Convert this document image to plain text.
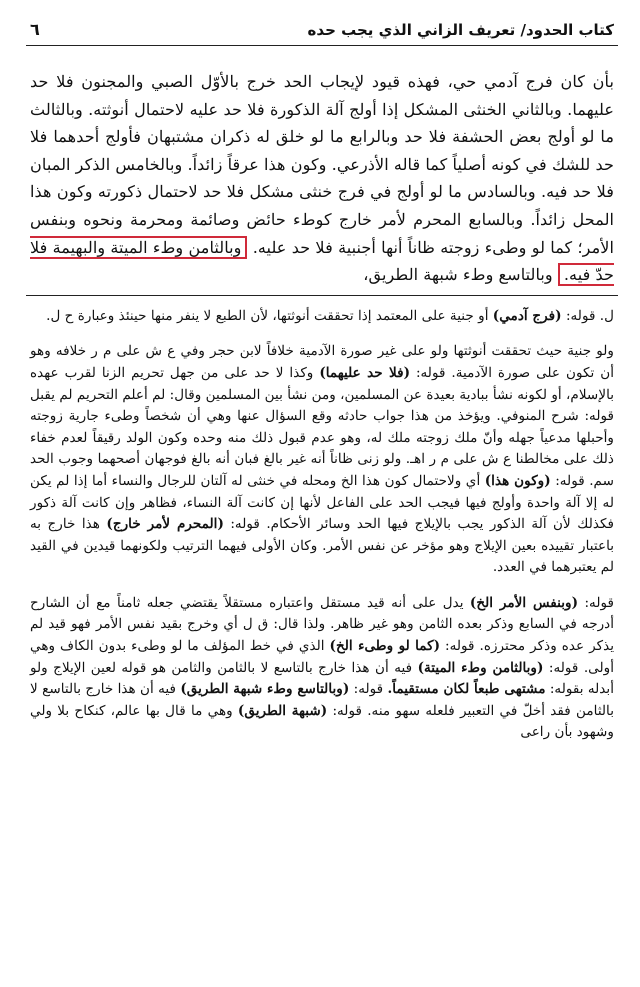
كتاب الحدود/ تعريف الزاني الذي يجب حده
٦

بأن كان فرج آدمي حي، فهذه قيود لإيجاب الحد خرج بالأوّل الصبي والمجنون فلا حد عليهما. وبالثاني الخنثى المشكل إذا أولج آلة الذكورة فلا حد عليه لاحتمال أنوثته. وبالثالث ما لو أولج بعض الحشفة فلا حد وبالرابع ما لو خلق له ذكران مشتبهان فأولج أحدهما فلا حد للشك في كونه أصلياً كما قاله الأذرعي. وكون هذا عرقاً زائداً. وبالخامس الذكر المبان فلا حد فيه. وبالسادس ما لو أولج في فرج خنثى مشكل فلا حد لاحتمال ذكورته وكون هذا المحل زائداً. وبالسابع المحرم لأمر خارج كوطء حائض وصائمة ومحرمة ونحوه وبنفس الأمر؛ كما لو وطىء زوجته ظاناً أنها أجنبية فلا حد عليه. وبالثامن وطء الميتة والبهيمة فلا حدّ فيه. وبالتاسع وطء شبهة الطريق،

ل. قوله: (فرج آدمي) أو جنية على المعتمد إذا تحققت أنوثتها، لأن الطبع لا ينفر منها حينئذ وعبارة ح ل.

ولو جنية حيث تحققت أنوثتها ولو على غير صورة الآدمية خلافاً لابن حجر وفي ع ش على م ر خلافه وهو أن تكون على صورة الآدمية. قوله: (فلا حد عليهما) وكذا لا حد على من جهل تحريم الزنا لقرب عهده بالإسلام، أو لكونه نشأ ببادية بعيدة عن المسلمين، ومن نشأ بين المسلمين وقال: لم أعلم التحريم لم يقبل قوله: شرح المنوفي. ويؤخذ من هذا جواب حادثه وقع السؤال عنها وهي أن شخصاً وطىء جارية زوجته وأحبلها مدعياً جهله وأنّ ملك زوجته ملك له، وهو عدم قبول ذلك منه وحده وكون الولد رقيقاً لعدم خفاء ذلك على مخالطنا ع ش على م ر اهـ. ولو زنى ظاناً أنه غير بالغ فبان أنه بالغ فوجهان أصحهما وجوب الحد سم. قوله: (وكون هذا) أي ولاحتمال كون هذا الخ ومحله في خنثى له آلتان للرجال والنساء أما إذا لم يكن له إلا آلة واحدة وأولج فيها فيجب الحد على الفاعل لأنها إن كانت آلة النساء، فظاهر وإن كانت آلة ذكور فكذلك لأن آلة الذكور يجب بالإيلاج فيها الحد وسائر الأحكام. قوله: (المحرم لأمر خارج) هذا خارج به باعتبار تقييده بعين الإيلاج وهو مؤخر عن نفس الأمر. وكان الأولى فيهما الترتيب ولكونهما قيدين في القيد لم يعتبرهما في العدد.

قوله: (وبنفس الأمر الخ) يدل على أنه قيد مستقل واعتباره مستقلاً يقتضي جعله ثامناً مع أن الشارح أدرجه في السابع وذكر بعده الثامن وهو غير ظاهر. ولذا قال: ق ل أي وخرج بقيد نفس الأمر فهو قيد لم يذكر عده وذكر محترزه. قوله: (كما لو وطىء الخ) الذي في خط المؤلف ما لو وطىء بدون الكاف وهي أولى. قوله: (وبالثامن وطء الميتة) فيه أن هذا خارج بالتاسع لا بالثامن والثامن هو قوله لعين الإيلاج ولو أبدله بقوله: مشتهى طبعاً لكان مستقيماً. قوله: (وبالتاسع وطء شبهة الطريق) فيه أن هذا خارج بالتاسع لا بالثامن فقد أخلّ في التعبير فلعله سهو منه. قوله: (شبهة الطريق) وهي ما قال بها عالم، كنكاح بلا ولي وشهود بأن راعى
